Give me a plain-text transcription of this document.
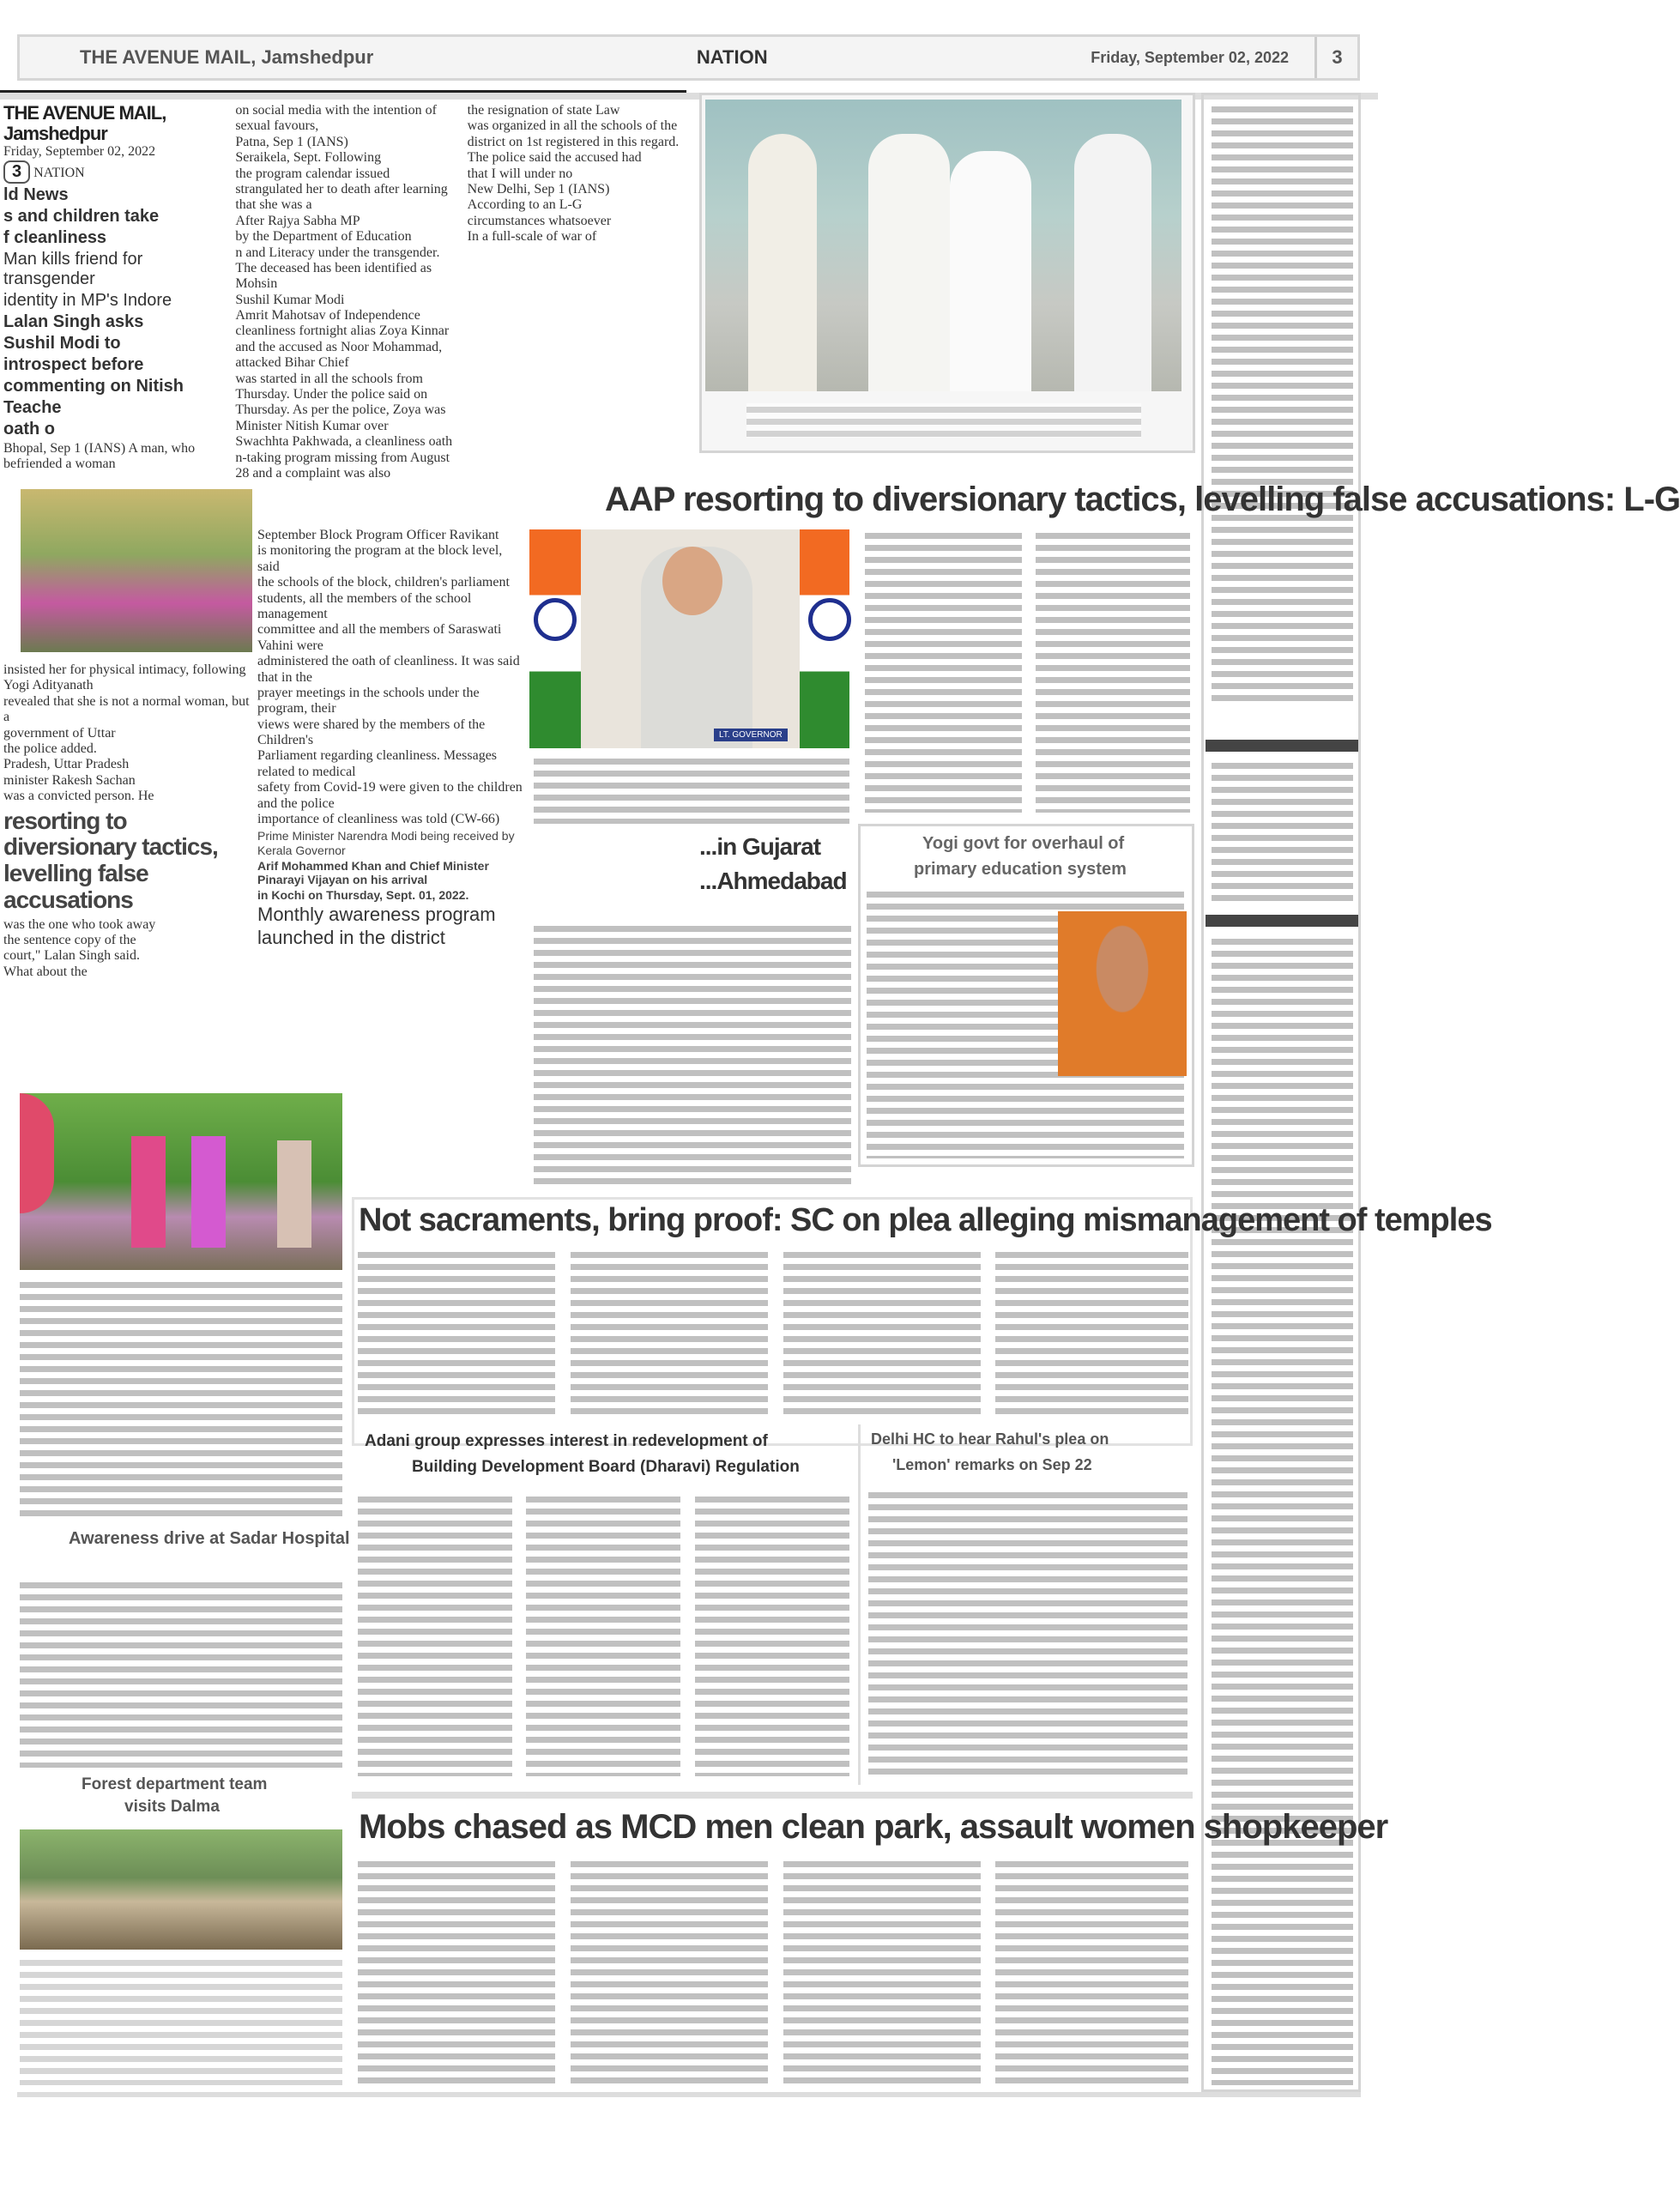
THE AVENUE MAIL, Jamshedpur	NATION	Friday, September 02, 2022	3
THE AVENUE MAIL, Jamshedpur
Friday, September 02, 2022
3 NATION
ld News
s and children take
f cleanliness
Man kills friend for transgender
identity in MP's Indore
Lalan Singh asks
Sushil Modi to
introspect before
commenting on Nitish
Teache
oath o
Bhopal, Sep 1 (IANS) A man, who befriended a woman
on social media with the intention of sexual favours,
Patna, Sep 1 (IANS)
Seraikela, Sept. Following
the program calendar issued strangulated her to death after learning that she was a
After Rajya Sabha MP
by the Department of Education
n and Literacy under the transgender. The deceased has been identified as Mohsin
Sushil Kumar Modi
Amrit Mahotsav of Independence
cleanliness fortnight alias Zoya Kinnar and the accused as Noor Mohammad,
attacked Bihar Chief
was started in all the schools from
Thursday. Under the police said on Thursday. As per the police, Zoya was
Minister Nitish Kumar over
Swachhta Pakhwada, a cleanliness oath
n-taking program missing from August 28 and a complaint was also
the resignation of state Law
was organized in all the schools of the
district on 1st registered in this regard. The police said the accused had
that I will under no
New Delhi, Sep 1 (IANS)
According to an L-G
circumstances whatsoever
In a full-scale of war of
September Block Program Officer Ravikant
is monitoring the program at the block level, said
the schools of the block, children's parliament
students, all the members of the school management
committee and all the members of Saraswati Vahini were
administered the oath of cleanliness. It was said that in the
prayer meetings in the schools under the program, their
views were shared by the members of the Children's
Parliament regarding cleanliness. Messages related to medical
safety from Covid-19 were given to the children and the police
importance of cleanliness was told (CW-66)
Prime Minister Narendra Modi being received by Kerala Governor
Arif Mohammed Khan and Chief Minister Pinarayi Vijayan on his arrival
in Kochi on Thursday, Sept. 01, 2022.
Monthly awareness program
launched in the district
insisted her for physical intimacy, following
Yogi Adityanath
revealed that she is not a normal woman, but a
government of Uttar
the police added.
Pradesh, Uttar Pradesh
minister Rakesh Sachan
was a convicted person. He
resorting to diversionary tactics, levelling false accusations
was the one who took away
the sentence copy of the
court," Lalan Singh said.
What about the
AAP resorting to diversionary tactics, levelling false accusations: L-G
LT. GOVERNOR
...in Gujarat
...Ahmedabad
Yogi govt for overhaul of
primary education system
Awareness drive at Sadar Hospital
Forest department team
visits Dalma
Not sacraments, bring proof: SC on plea alleging mismanagement of temples
Adani group expresses interest in redevelopment of
Building Development Board (Dharavi) Regulation
Delhi HC to hear Rahul's plea on
'Lemon' remarks on Sep 22
Mobs chased as MCD men clean park, assault women shopkeeper
